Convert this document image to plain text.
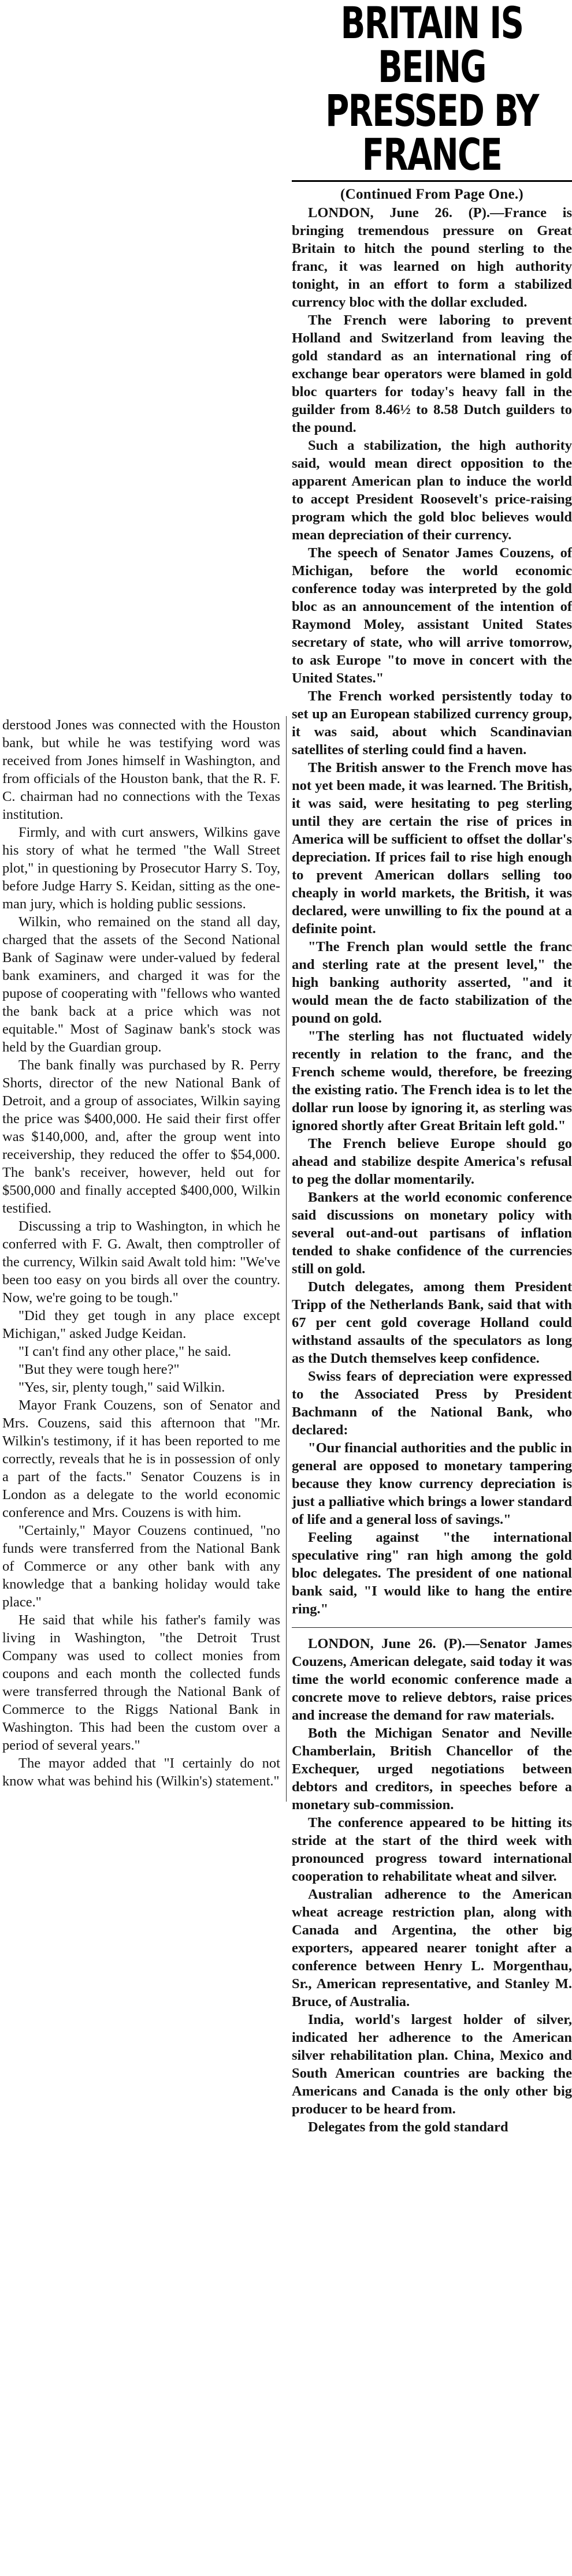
BRITAIN IS BEING
PRESSED BY FRANCE
(Continued From Page One.)

LONDON, June 26. (P).—France is bringing tremendous pressure on Great Britain to hitch the pound sterling to the franc, it was learned on high authority tonight, in an effort to form a stabilized currency bloc with the dollar excluded.

The French were laboring to prevent Holland and Switzerland from leaving the gold standard as an international ring of exchange bear operators were blamed in gold bloc quarters for today's heavy fall in the guilder from 8.46½ to 8.58 Dutch guilders to the pound.

Such a stabilization, the high authority said, would mean direct opposition to the apparent American plan to induce the world to accept President Roosevelt's price-raising program which the gold bloc believes would mean depreciation of their currency.

The speech of Senator James Couzens, of Michigan, before the world economic conference today was interpreted by the gold bloc as an announcement of the intention of Raymond Moley, assistant United States secretary of state, who will arrive tomorrow, to ask Europe "to move in concert with the United States."

The French worked persistently today to set up an European stabilized currency group, it was said, about which Scandinavian satellites of sterling could find a haven.

The British answer to the French move has not yet been made, it was learned. The British, it was said, were hesitating to peg sterling until they are certain the rise of prices in America will be sufficient to offset the dollar's depreciation. If prices fail to rise high enough to prevent American dollars selling too cheaply in world markets, the British, it was declared, were unwilling to fix the pound at a definite point.

"The French plan would settle the franc and sterling rate at the present level," the high banking authority asserted, "and it would mean the de facto stabilization of the pound on gold.

"The sterling has not fluctuated widely recently in relation to the franc, and the French scheme would, therefore, be freezing the existing ratio. The French idea is to let the dollar run loose by ignoring it, as sterling was ignored shortly after Great Britain left gold."

The French believe Europe should go ahead and stabilize despite America's refusal to peg the dollar momentarily.

Bankers at the world economic conference said discussions on monetary policy with several out-and-out partisans of inflation tended to shake confidence of the currencies still on gold.

Dutch delegates, among them President Tripp of the Netherlands Bank, said that with 67 per cent gold coverage Holland could withstand assaults of the speculators as long as the Dutch themselves keep confidence.

Swiss fears of depreciation were expressed to the Associated Press by President Bachmann of the National Bank, who declared:

"Our financial authorities and the public in general are opposed to monetary tampering because they know currency depreciation is just a palliative which brings a lower standard of life and a general loss of savings."

Feeling against "the international speculative ring" ran high among the gold bloc delegates. The president of one national bank said, "I would like to hang the entire ring."

LONDON, June 26. (P).—Senator James Couzens, American delegate, said today it was time the world economic conference made a concrete move to relieve debtors, raise prices and increase the demand for raw materials.

Both the Michigan Senator and Neville Chamberlain, British Chancellor of the Exchequer, urged negotiations between debtors and creditors, in speeches before a monetary sub-commission.

The conference appeared to be hitting its stride at the start of the third week with pronounced progress toward international cooperation to rehabilitate wheat and silver.

Australian adherence to the American wheat acreage restriction plan, along with Canada and Argentina, the other big exporters, appeared nearer tonight after a conference between Henry L. Morgenthau, Sr., American representative, and Stanley M. Bruce, of Australia.

India, world's largest holder of silver, indicated her adherence to the American silver rehabilitation plan. China, Mexico and South American countries are backing the Americans and Canada is the only other big producer to be heard from.

Delegates from the gold standard

derstood Jones was connected with the Houston bank, but while he was testifying word was received from Jones himself in Washington, and from officials of the Houston bank, that the R. F. C. chairman had no connections with the Texas institution.

Firmly, and with curt answers, Wilkins gave his story of what he termed "the Wall Street plot," in questioning by Prosecutor Harry S. Toy, before Judge Harry S. Keidan, sitting as the one-man jury, which is holding public sessions.

Wilkin, who remained on the stand all day, charged that the assets of the Second National Bank of Saginaw were under-valued by federal bank examiners, and charged it was for the pupose of cooperating with "fellows who wanted the bank back at a price which was not equitable." Most of Saginaw bank's stock was held by the Guardian group.

The bank finally was purchased by R. Perry Shorts, director of the new National Bank of Detroit, and a group of associates, Wilkin saying the price was $400,000. He said their first offer was $140,000, and, after the group went into receivership, they reduced the offer to $54,000. The bank's receiver, however, held out for $500,000 and finally accepted $400,000, Wilkin testified.

Discussing a trip to Washington, in which he conferred with F. G. Awalt, then comptroller of the currency, Wilkin said Awalt told him: "We've been too easy on you birds all over the country. Now, we're going to be tough."

"Did they get tough in any place except Michigan," asked Judge Keidan.

"I can't find any other place," he said.

"But they were tough here?"

"Yes, sir, plenty tough," said Wilkin.

Mayor Frank Couzens, son of Senator and Mrs. Couzens, said this afternoon that "Mr. Wilkin's testimony, if it has been reported to me correctly, reveals that he is in possession of only a part of the facts." Senator Couzens is in London as a delegate to the world economic conference and Mrs. Couzens is with him.

"Certainly," Mayor Couzens continued, "no funds were transferred from the National Bank of Commerce or any other bank with any knowledge that a banking holiday would take place."

He said that while his father's family was living in Washington, "the Detroit Trust Company was used to collect monies from coupons and each month the collected funds were transferred through the National Bank of Commerce to the Riggs National Bank in Washington. This had been the custom over a period of several years."

The mayor added that "I certainly do not know what was behind his (Wilkin's) statement."
